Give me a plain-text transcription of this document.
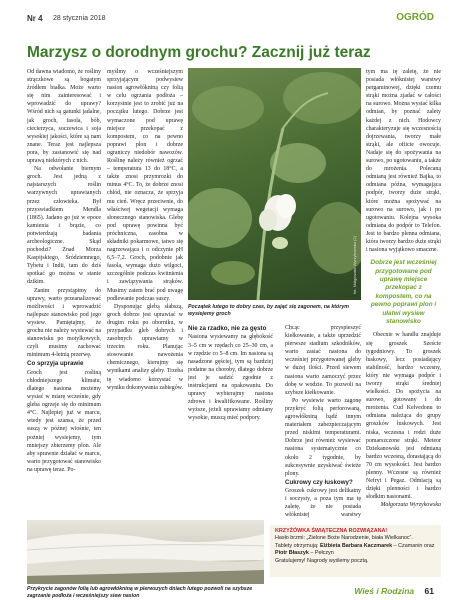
Nr 4 28 stycznia 2018	OGRÓD
Marzysz o dorodnym grochu? Zacznij już teraz

Od dawna wiadomo, że rośliny strączkowe są bogatym źródłem białka. Może warto się nim zainteresować i wprowadzić do uprawy? Wśród nich są gatunki jadalne, jak groch, fasola, bób, ciecierzyca, soczewica i soja wysokiej jakości, które są nam znane. Teraz jest najlepsza pora, by zastanowić się nad uprawą niektórych z nich.

Na odwołanie biernym groch. Jest jedną z najstarszych roślin warzywnych uprawianych przez człowieka. Był przyswiadkiem Mendla (1865). Jadano go już w epoce kamienia i brązie, co potwierdzają badania archeologiczne. Skąd pochodzi? Znad Morza Kaspijskiego, Śródziemnego, Tybetu i Indii, tam do dziś spotkać go można w stanie dzikim.

Zanim przystąpimy do uprawy, warto przeanalizować możliwości i wprowadzić najlepsze stanowisko pod jego wysiew. Pamiętajmy, że grochu nie należy wysiewać na stanowisku po motylkowych, czyli musimy zachować minimum 4-letnią przerwę.

Co sprzyja uprawie

Groch jest rośliną chłodniejszego klimatu, dlatego nasiona możemy wysiać w miarę wcześnie, gdy gleba ogrzeje się do minimum 4°C. Najlepiej już w marcu, wtedy jest szansa, że przed suszą w późnej wiośnie, ten pożniej wysiejemy, tym mniejszy zbierzemy plon. Ale aby sprawnie działać w marcu, warto przygotować stanowisko na uprawę teraz. Po-

myślmy o wcześniejszym sprzyjającym podwysiew nasion agrowłókniną czy folią w celu ogrzania podłoża – korzystnie jest to zrobić już na początku lutego. Dobrze jest wymaczone pod uprawę miejsce przekopać z kompostem, co na pewno poprawi plon i dobrze ograniczy niedobór nawozów. Roślinę należy również ogrzać – temperatura 13 do 18°C, a także znosi przymrozki do minus 4°C. To, że dobrze znosi chłód, nie oznacza, że sprzyja mu cień. Wręcz przeciwnie, do właściwej wegetacji wymaga słonecznego stanowiska. Glebę pod uprawę powinna być próchniczna, zasobna w składniki pokarmowe, tatwo się nagrzewająca i o odczynie pH 6,5–7,2. Groch, podobnie jak fasola, wymaga dużo wilgoci, szczególnie podczas kwitnienia i zawiązywania strąków. Musimy zatem brać pod uwagę podlewanie podczas suszy.

Dysponując glebą słabszą, groch dobrze jest uprawiać w drugim roku po oborniku, w przypadku gleb dobrych i zasobnych uprawiamy w trzecim roku. Planując stosowanie nawożenia chemicznego, kierujmy się wynikami analizy gleby. Trzeba tę wiadomo korzystać w wyniku dokonywania zabiegów.

fot. Małgorzata Wyrzykowska (2)
Początek lutego to dobry czas, by zająć się zagonem, na którym wysiejemy groch
Nie za rzadko, nie za gęsto

Nasiona wysiewamy na głębokość 3–5 cm w rzędach co 25–30 cm, a w rzędzie co 5–8 cm. Im nasiona są nasadzone gęściej, tym są bardziej podatne na choroby, dlatego dobrze jest je sadzić zgodnie z instrukcjami na opakowaniu. Do uprawy wybierajmy nasiona zdrowe i kwalifikowane. Rośliny wyższe, jeżeli uprawiamy odmiany wysokie, muszą mieć podpory.

Chcąc przyspieszyć kiełkowanie, a także uprzedzić pierwsze stadium szkodników, warto zasiać nasiona do wcześniej przygotowanej gleby w dużej ilości. Przed siewem nasiona warto zamoczyć przez dobę w wodzie. To pozwoli na szybsze kiełkowanie.

Po wysiewie warto zagonę przykryć folią perforowaną, agrowłókniną bądź innym materiałem zabezpieczającym przed niskimi temperaturami. Dobrze jest również wysiewać nasiona systematycznie co około 2 tygodnie, by sukcesywnie uzyskiwać świeże plony.

Cukrowy czy łuskowy?

Groszek cukrowy jest delikatny i soczysty, a poza tym ma tę zaletę, że nie posiada włóknistej warstwy

tym ma tę zaletę, że nie posiada włóknistej warstwy pergaminowej, dzięki czemu strąki można zjadać w całości na surowo. Można wysiać kilka odmian, by poznać zalety każdej z nich. Hodowcy charakteryzuje się wczesnością dojrzewania, tworzy małe strąki, ale ofiicie owocuje. Nadaje się do spożywania na surowo, po ugotowaniu, a także do mrożenia. Polecaną odmianą jest również Bajka, to odmiana późna, wymagająca podpór, tworzy duże strąki, które można spożywać na surowo na surowo, jak i po ugotowaniu. Kolejna wysoka odmiana do podpór to Telefon. Jest to bardzo plenna odmiana, która tworzy bardzo duże strąki i nasiona wyjątkowo smaczne.

Dobrze jest wcześniej przygotowane pod uprawę miejsce przekopać z kompostem, co na pewno poprawi plon i ułatwi wysiew stanowisko

Obecnie w handlu znajduje się groszek Szeście tygodniowy. To groszek łuskowy, lecz posiadający stabilność, bardzo wczesny, który nie wymaga podpór i tworzy strąki średniej wielkości. Do spożycia na surowo, gotowany i do mrożenia. Cud Kelvedonu to odmiana należąca do grupy groszków łuskowych. Jest niska, wczesna i rodzi duże pomarszczone strąki. Meteor Dziekanowski jest odmianą bardzo wczesną, dorastającą do 70 cm wysokości. Jest bardzo plenny. Wczesne są również Nefryt i Pegaz. Odmiacją są dzięki plenności i bardzo słodkim nasionami.

Małgorzata Wyrzykowska

Przykrycie zagonów folią lub agrowłókniną w pierwszych dniach lutego pozwoli na szybsze zagrzanie podłoża i wcześniejszy siew nasion
KRZYŻÓWKA ŚWIĄTECZNA ROZWIĄZANA!
Hasło brzmi: „Zielone Boże Narodzenie, biała Wielkanoc”.
Tablety otrzymują: Elżbieta Barbara Kaczmarek – Czamanin oraz Piotr Błaszyk – Pełczyn
Gratulujemy! Nagrody wyślemy pocztą.
Wieś i Rodzina 61
